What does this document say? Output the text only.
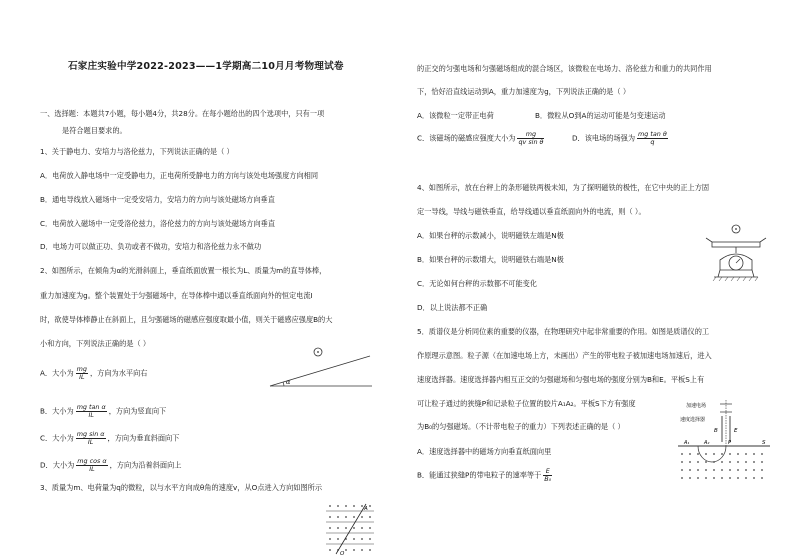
石家庄实验中学2022-2023——1学期高二10月月考物理试卷
一、选择题：本题共7小题，每小题4分，共28分。在每小题给出的四个选项中，只有一项
是符合题目要求的。
1、关于静电力、安培力与洛伦兹力，下列说法正确的是（ ）
A．电荷放入静电场中一定受静电力，正电荷所受静电力的方向与该处电场强度方向相同
B．通电导线放入磁场中一定受安培力，安培力的方向与该处磁场方向垂直
C．电荷放入磁场中一定受洛伦兹力，洛伦兹力的方向与该处磁场方向垂直
D．电场力可以做正功、负功或者不做功，安培力和洛伦兹力永不做功
2、如图所示，在倾角为α的光滑斜面上，垂直纸面放置一根长为L、质量为m的直导体棒，
重力加速度为g。整个装置处于匀强磁场中，在导体棒中通以垂直纸面向外的恒定电流I
时，欲使导体棒静止在斜面上，且匀强磁场的磁感应强度取最小值，则关于磁感应强度B的大
小和方向，下列说法正确的是（ ）
A．大小为 $\frac{mg}{IL}$ ，方向为水平向右
B．大小为 $\frac{\text{mg tan α}}{IL}$ ，方向为竖直向下
C．大小为 $\frac{\text{mg sin α}}{IL}$ ，方向为垂直斜面向下
D．大小为 $\frac{\text{mg cos α}}{IL}$ ，方向为沿着斜面向上
α
3、质量为m、电荷量为q的微粒，以与水平方向成θ角的速度v，从O点进入方向如图所示
O
A
的正交的匀强电场和匀强磁场组成的混合场区，该微粒在电场力、洛伦兹力和重力的共同作用
下，恰好沿直线运动到A，重力加速度为g，下列说法正确的是（ ）
A．该微粒一定带正电荷	B．微粒从O到A的运动可能是匀变速运动
C．该磁场的磁感应强度大小为 $\frac{mg}{\text{qv sin θ}}$	D．该电场的场强为 $\frac{\text{mg tan θ}}{q}$
4、如图所示，放在台秤上的条形磁铁两极未知，为了探明磁铁的极性，在它中央的正上方固
定一导线，导线与磁铁垂直，给导线通以垂直纸面向外的电流，则（ ）。
A．如果台秤的示数减小，说明磁铁左端是N极
B．如果台秤的示数增大，说明磁铁右端是N极
C．无论如何台秤的示数都不可能变化
D．以上说法都不正确
5．质谱仪是分析同位素的重要的仪器，在物理研究中起非常重要的作用。如图是质谱仪的工
作原理示意图。粒子源（在加速电场上方，未画出）产生的带电粒子被加速电场加速后，进入
速度选择器。速度选择器内相互正交的匀强磁场和匀强电场的强度分别为B和E。平板S上有
可让粒子通过的狭缝P和记录粒子位置的胶片A₁A₂。平板S下方有强度
为B₀的匀强磁场。（不计带电粒子的重力）下列表述正确的是（ ）
A．速度选择器中的磁场方向垂直纸面向里
B．能通过狭缝P的带电粒子的速率等于 $\frac{E}{\text{B₀}}$
加速电场
速度选择器
B	E
S
P
A₁	A₂
